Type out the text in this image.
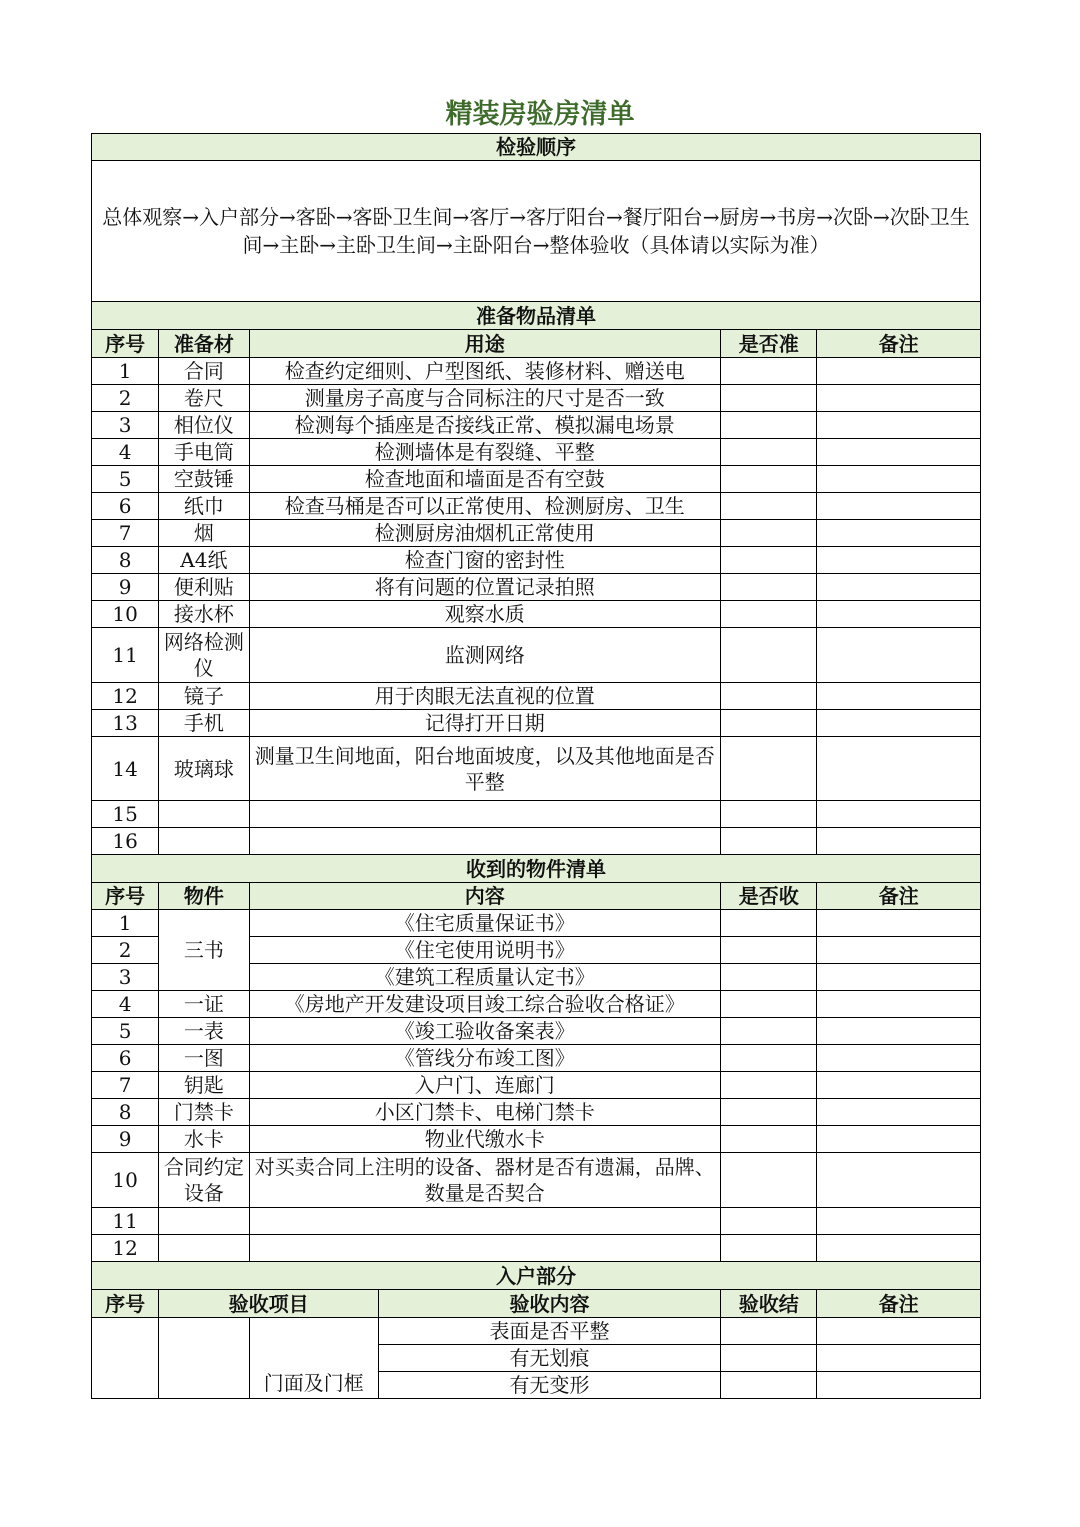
精装房验房清单
检验顺序					
总体观察→入户部分→客卧→客卧卫生间→客厅→客厅阳台→餐厅阳台→厨房→书房→次卧→次卧卫生间→主卧→主卧卫生间→主卧阳台→整体验收（具体请以实际为准）					
准备物品清单					
序号	准备材	用途		是否准	备注
1	合同	检查约定细则、户型图纸、装修材料、赠送电			
2	卷尺	测量房子高度与合同标注的尺寸是否一致			
3	相位仪	检测每个插座是否接线正常、模拟漏电场景			
4	手电筒	检测墙体是有裂缝、平整			
5	空鼓锤	检查地面和墙面是否有空鼓			
6	纸巾	检查马桶是否可以正常使用、检测厨房、卫生			
7	烟	检测厨房油烟机正常使用			
8	A4纸	检查门窗的密封性			
9	便利贴	将有问题的位置记录拍照			
10	接水杯	观察水质			
11	网络检测仪	监测网络			
12	镜子	用于肉眼无法直视的位置			
13	手机	记得打开日期			
14	玻璃球	测量卫生间地面，阳台地面坡度，以及其他地面是否平整			
15					
16					
收到的物件清单					
序号	物件	内容		是否收	备注
1	三书	《住宅质量保证书》			
2		《住宅使用说明书》			
3		《建筑工程质量认定书》			
4	一证	《房地产开发建设项目竣工综合验收合格证》			
5	一表	《竣工验收备案表》			
6	一图	《管线分布竣工图》			
7	钥匙	入户门、连廊门			
8	门禁卡	小区门禁卡、电梯门禁卡			
9	水卡	物业代缴水卡			
10	合同约定设备	对买卖合同上注明的设备、器材是否有遗漏，品牌、数量是否契合			
11					
12					
入户部分					
序号	验收项目		验收内容	验收结	备注
		门面及门框	表面是否平整		
			有无划痕		
			有无变形		
